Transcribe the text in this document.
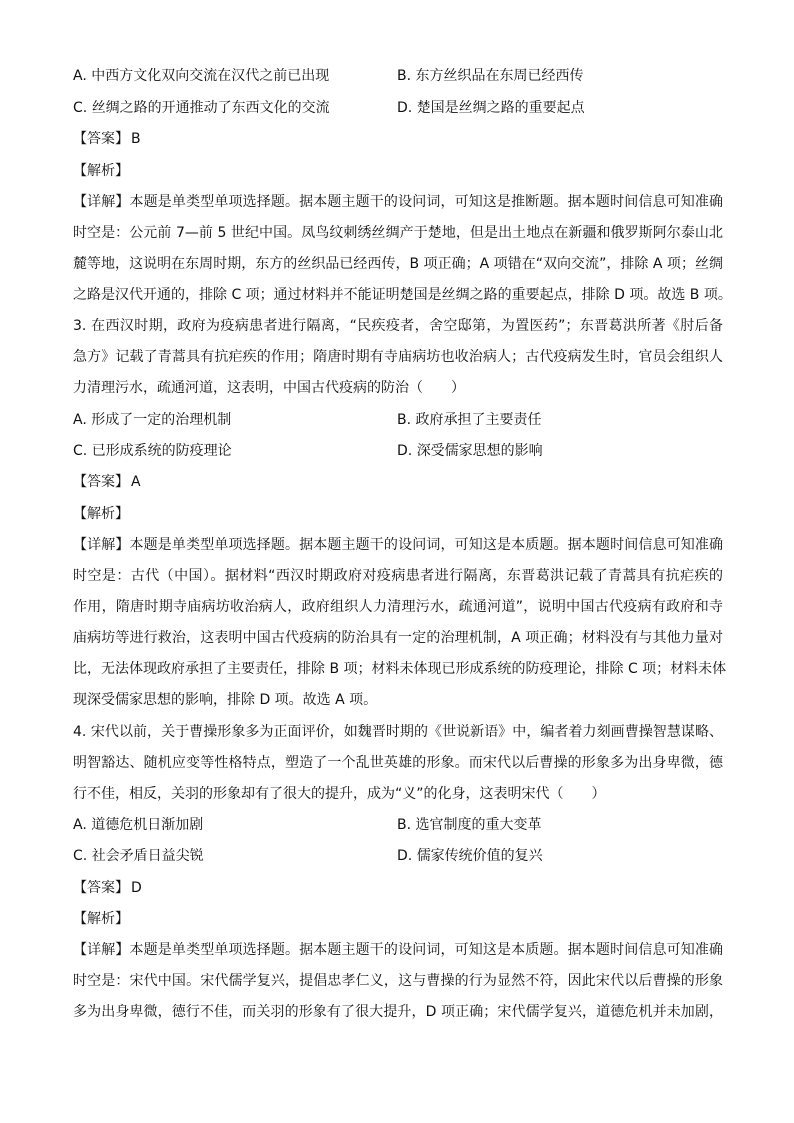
A. 中西方文化双向交流在汉代之前已出现	B. 东方丝织品在东周已经西传
C. 丝绸之路的开通推动了东西文化的交流	D. 楚国是丝绸之路的重要起点
【答案】 B
【解析】
【详解】本题是单类型单项选择题。据本题主题干的设问词，可知这是推断题。据本题时间信息可知准确
时空是：公元前 7—前 5 世纪中国。凤鸟纹刺绣丝绸产于楚地，但是出土地点在新疆和俄罗斯阿尔泰山北
麓等地，这说明在东周时期，东方的丝织品已经西传，B 项正确；A 项错在“双向交流”，排除 A 项；丝绸
之路是汉代开通的，排除 C 项；通过材料并不能证明楚国是丝绸之路的重要起点，排除 D 项。故选 B 项。
3. 在西汉时期，政府为疫病患者进行隔离，“民疾疫者，舍空邸第，为置医药”；东晋葛洪所著《肘后备
急方》记载了青蒿具有抗疟疾的作用；隋唐时期有寺庙病坊也收治病人；古代疫病发生时，官员会组织人
力清理污水，疏通河道，这表明，中国古代疫病的防治（　　）
A. 形成了一定的治理机制	B. 政府承担了主要责任
C. 已形成系统的防疫理论	D. 深受儒家思想的影响
【答案】 A
【解析】
【详解】本题是单类型单项选择题。据本题主题干的设问词，可知这是本质题。据本题时间信息可知准确
时空是：古代（中国）。据材料“西汉时期政府对疫病患者进行隔离，东晋葛洪记载了青蒿具有抗疟疾的
作用，隋唐时期寺庙病坊收治病人，政府组织人力清理污水，疏通河道”，说明中国古代疫病有政府和寺
庙病坊等进行救治，这表明中国古代疫病的防治具有一定的治理机制，A 项正确；材料没有与其他力量对
比，无法体现政府承担了主要责任，排除 B 项；材料未体现已形成系统的防疫理论，排除 C 项；材料未体
现深受儒家思想的影响，排除 D 项。故选 A 项。
4. 宋代以前，关于曹操形象多为正面评价，如魏晋时期的《世说新语》中，编者着力刻画曹操智慧谋略、
明智豁达、随机应变等性格特点，塑造了一个乱世英雄的形象。而宋代以后曹操的形象多为出身卑微，德
行不佳，相反，关羽的形象却有了很大的提升，成为“义”的化身，这表明宋代（　　）
A. 道德危机日渐加剧	B. 选官制度的重大变革
C. 社会矛盾日益尖锐	D. 儒家传统价值的复兴
【答案】 D
【解析】
【详解】本题是单类型单项选择题。据本题主题干的设问词，可知这是本质题。据本题时间信息可知准确
时空是：宋代中国。宋代儒学复兴，提倡忠孝仁义，这与曹操的行为显然不符，因此宋代以后曹操的形象
多为出身卑微，德行不佳，而关羽的形象有了很大提升，D 项正确；宋代儒学复兴，道德危机并未加剧，
